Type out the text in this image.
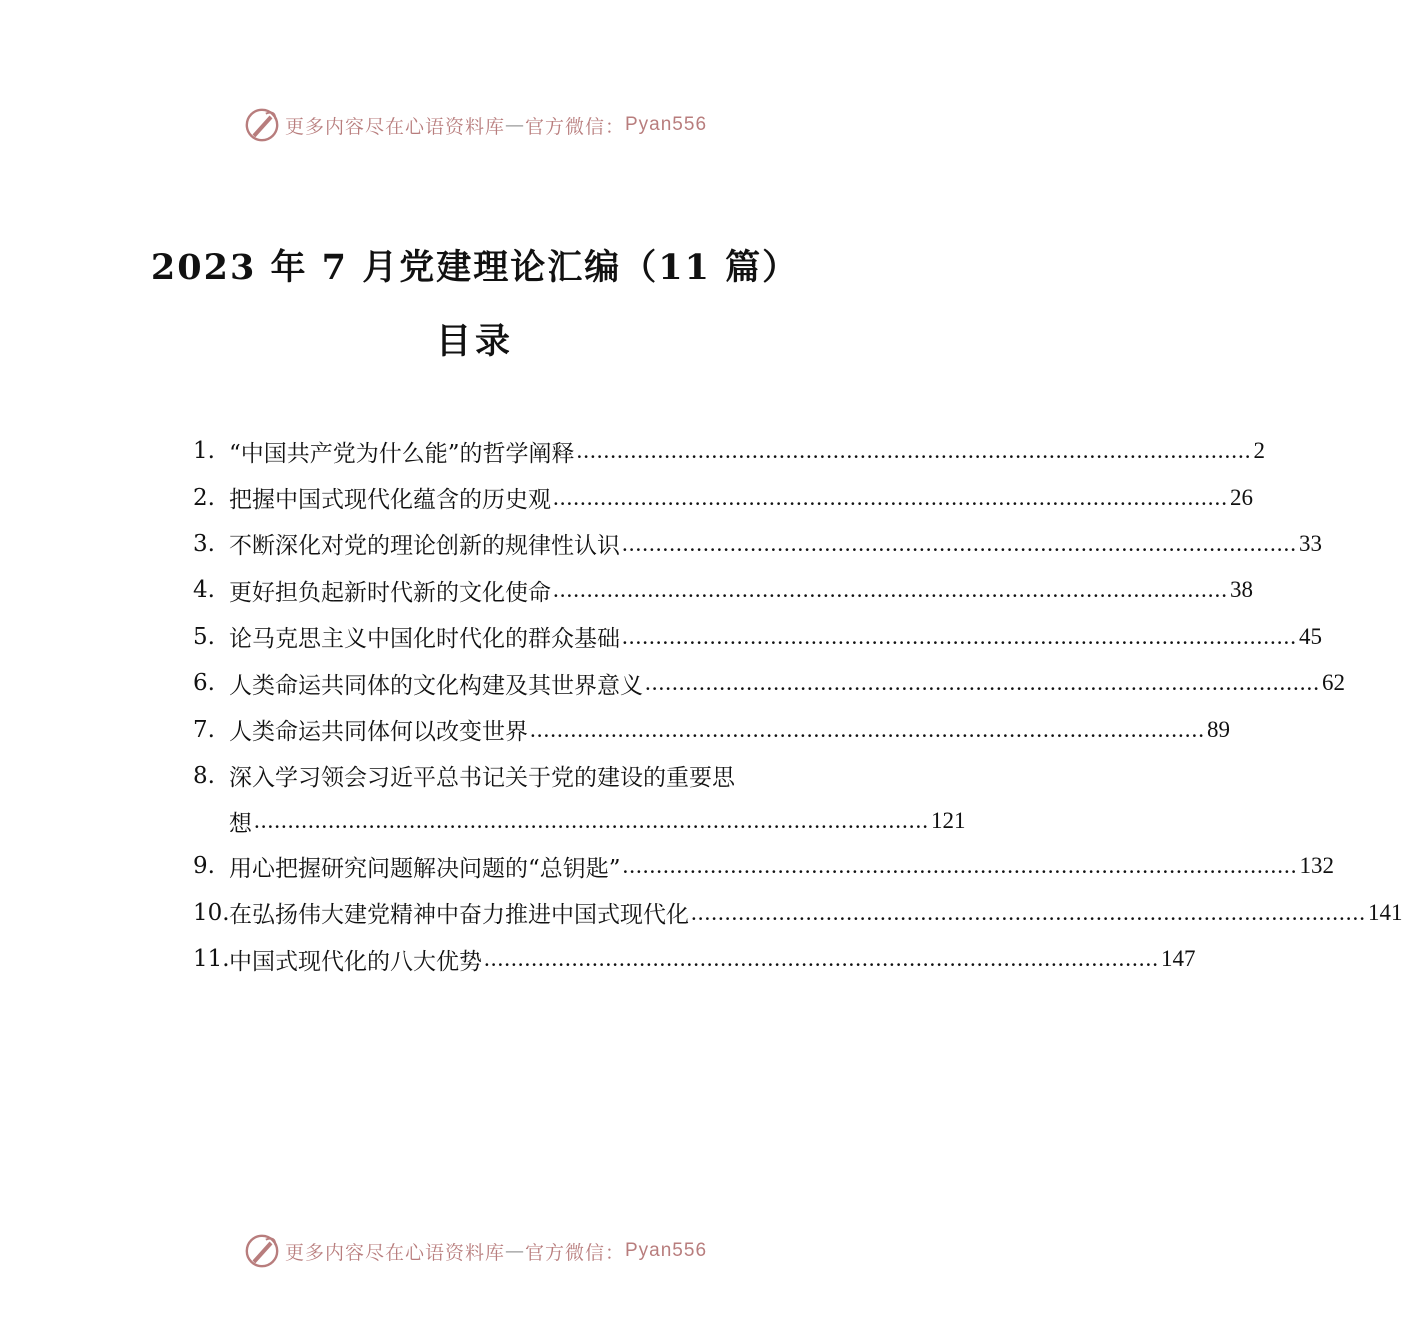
更多内容尽在心语资料库 — 官方微信： Pyan556
2023 年 7 月党建理论汇编（11 篇）
目录
1. “中国共产党为什么能”的哲学阐释 .................................................................................................... 2
2. 把握中国式现代化蕴含的历史观 .................................................................................................... 26
3. 不断深化对党的理论创新的规律性认识 .................................................................................................... 33
4. 更好担负起新时代新的文化使命 .................................................................................................... 38
5. 论马克思主义中国化时代化的群众基础 .................................................................................................... 45
6. 人类命运共同体的文化构建及其世界意义 .................................................................................................... 62
7. 人类命运共同体何以改变世界 .................................................................................................... 89
8. 深入学习领会习近平总书记关于党的建设的重要思
想 .................................................................................................... 121
9. 用心把握研究问题解决问题的“总钥匙” .................................................................................................... 132
10. 在弘扬伟大建党精神中奋力推进中国式现代化 .................................................................................................... 141
11. 中国式现代化的八大优势 .................................................................................................... 147
更多内容尽在心语资料库 — 官方微信： Pyan556
